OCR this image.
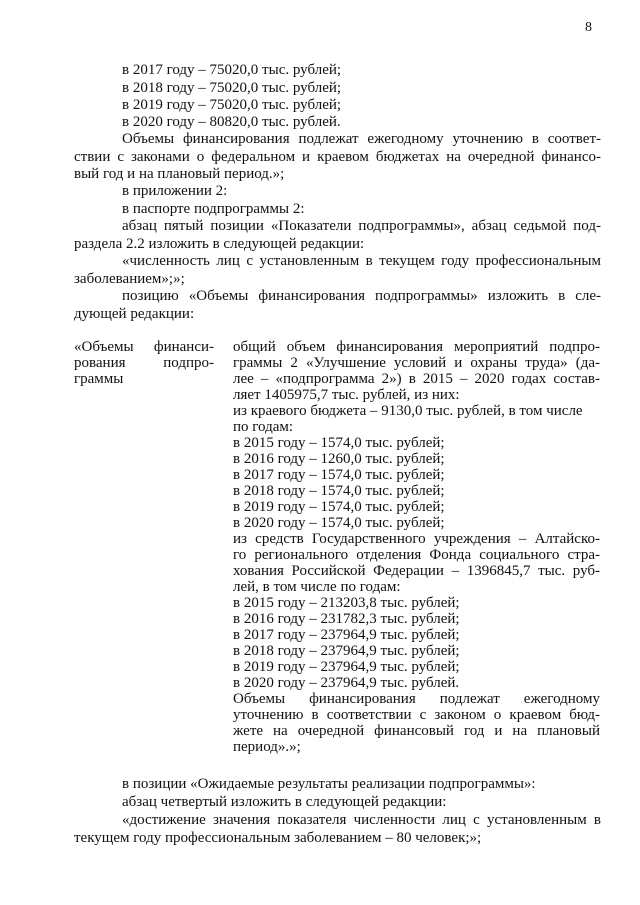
8
в 2017 году – 75020,0 тыс. рублей;
в 2018 году – 75020,0 тыс. рублей;
в 2019 году – 75020,0 тыс. рублей;
в 2020 году – 80820,0 тыс. рублей.
Объемы финансирования подлежат ежегодному уточнению в соответ-
ствии с законами о федеральном и краевом бюджетах на очередной финансо-
вый год и на плановый период.»;
в приложении 2:
в паспорте подпрограммы 2:
абзац пятый позиции «Показатели подпрограммы», абзац седьмой под-
раздела 2.2 изложить в следующей редакции:
«численность лиц с установленным в текущем году профессиональным
заболеванием»;»;
позицию «Объемы финансирования подпрограммы» изложить в сле-
дующей редакции:
«Объемы финанси-
рования подпро-
граммы
общий объем финансирования мероприятий подпро-
граммы 2 «Улучшение условий и охраны труда» (да-
лее – «подпрограмма 2») в 2015 – 2020 годах состав-
ляет 1405975,7 тыс. рублей, из них:
из краевого бюджета – 9130,0 тыс. рублей, в том числе
по годам:
в 2015 году – 1574,0 тыс. рублей;
в 2016 году – 1260,0 тыс. рублей;
в 2017 году – 1574,0 тыс. рублей;
в 2018 году – 1574,0 тыс. рублей;
в 2019 году – 1574,0 тыс. рублей;
в 2020 году – 1574,0 тыс. рублей;
из средств Государственного учреждения – Алтайско-
го регионального отделения Фонда социального стра-
хования Российской Федерации – 1396845,7 тыс. руб-
лей, в том числе по годам:
в 2015 году – 213203,8 тыс. рублей;
в 2016 году – 231782,3 тыс. рублей;
в 2017 году – 237964,9 тыс. рублей;
в 2018 году – 237964,9 тыс. рублей;
в 2019 году – 237964,9 тыс. рублей;
в 2020 году – 237964,9 тыс. рублей.
Объемы финансирования подлежат ежегодному
уточнению в соответствии с законом о краевом бюд-
жете на очередной финансовый год и на плановый
период».»;
в позиции «Ожидаемые результаты реализации подпрограммы»:
абзац четвертый изложить в следующей редакции:
«достижение значения показателя численности лиц с установленным в
текущем году профессиональным заболеванием – 80 человек;»;
